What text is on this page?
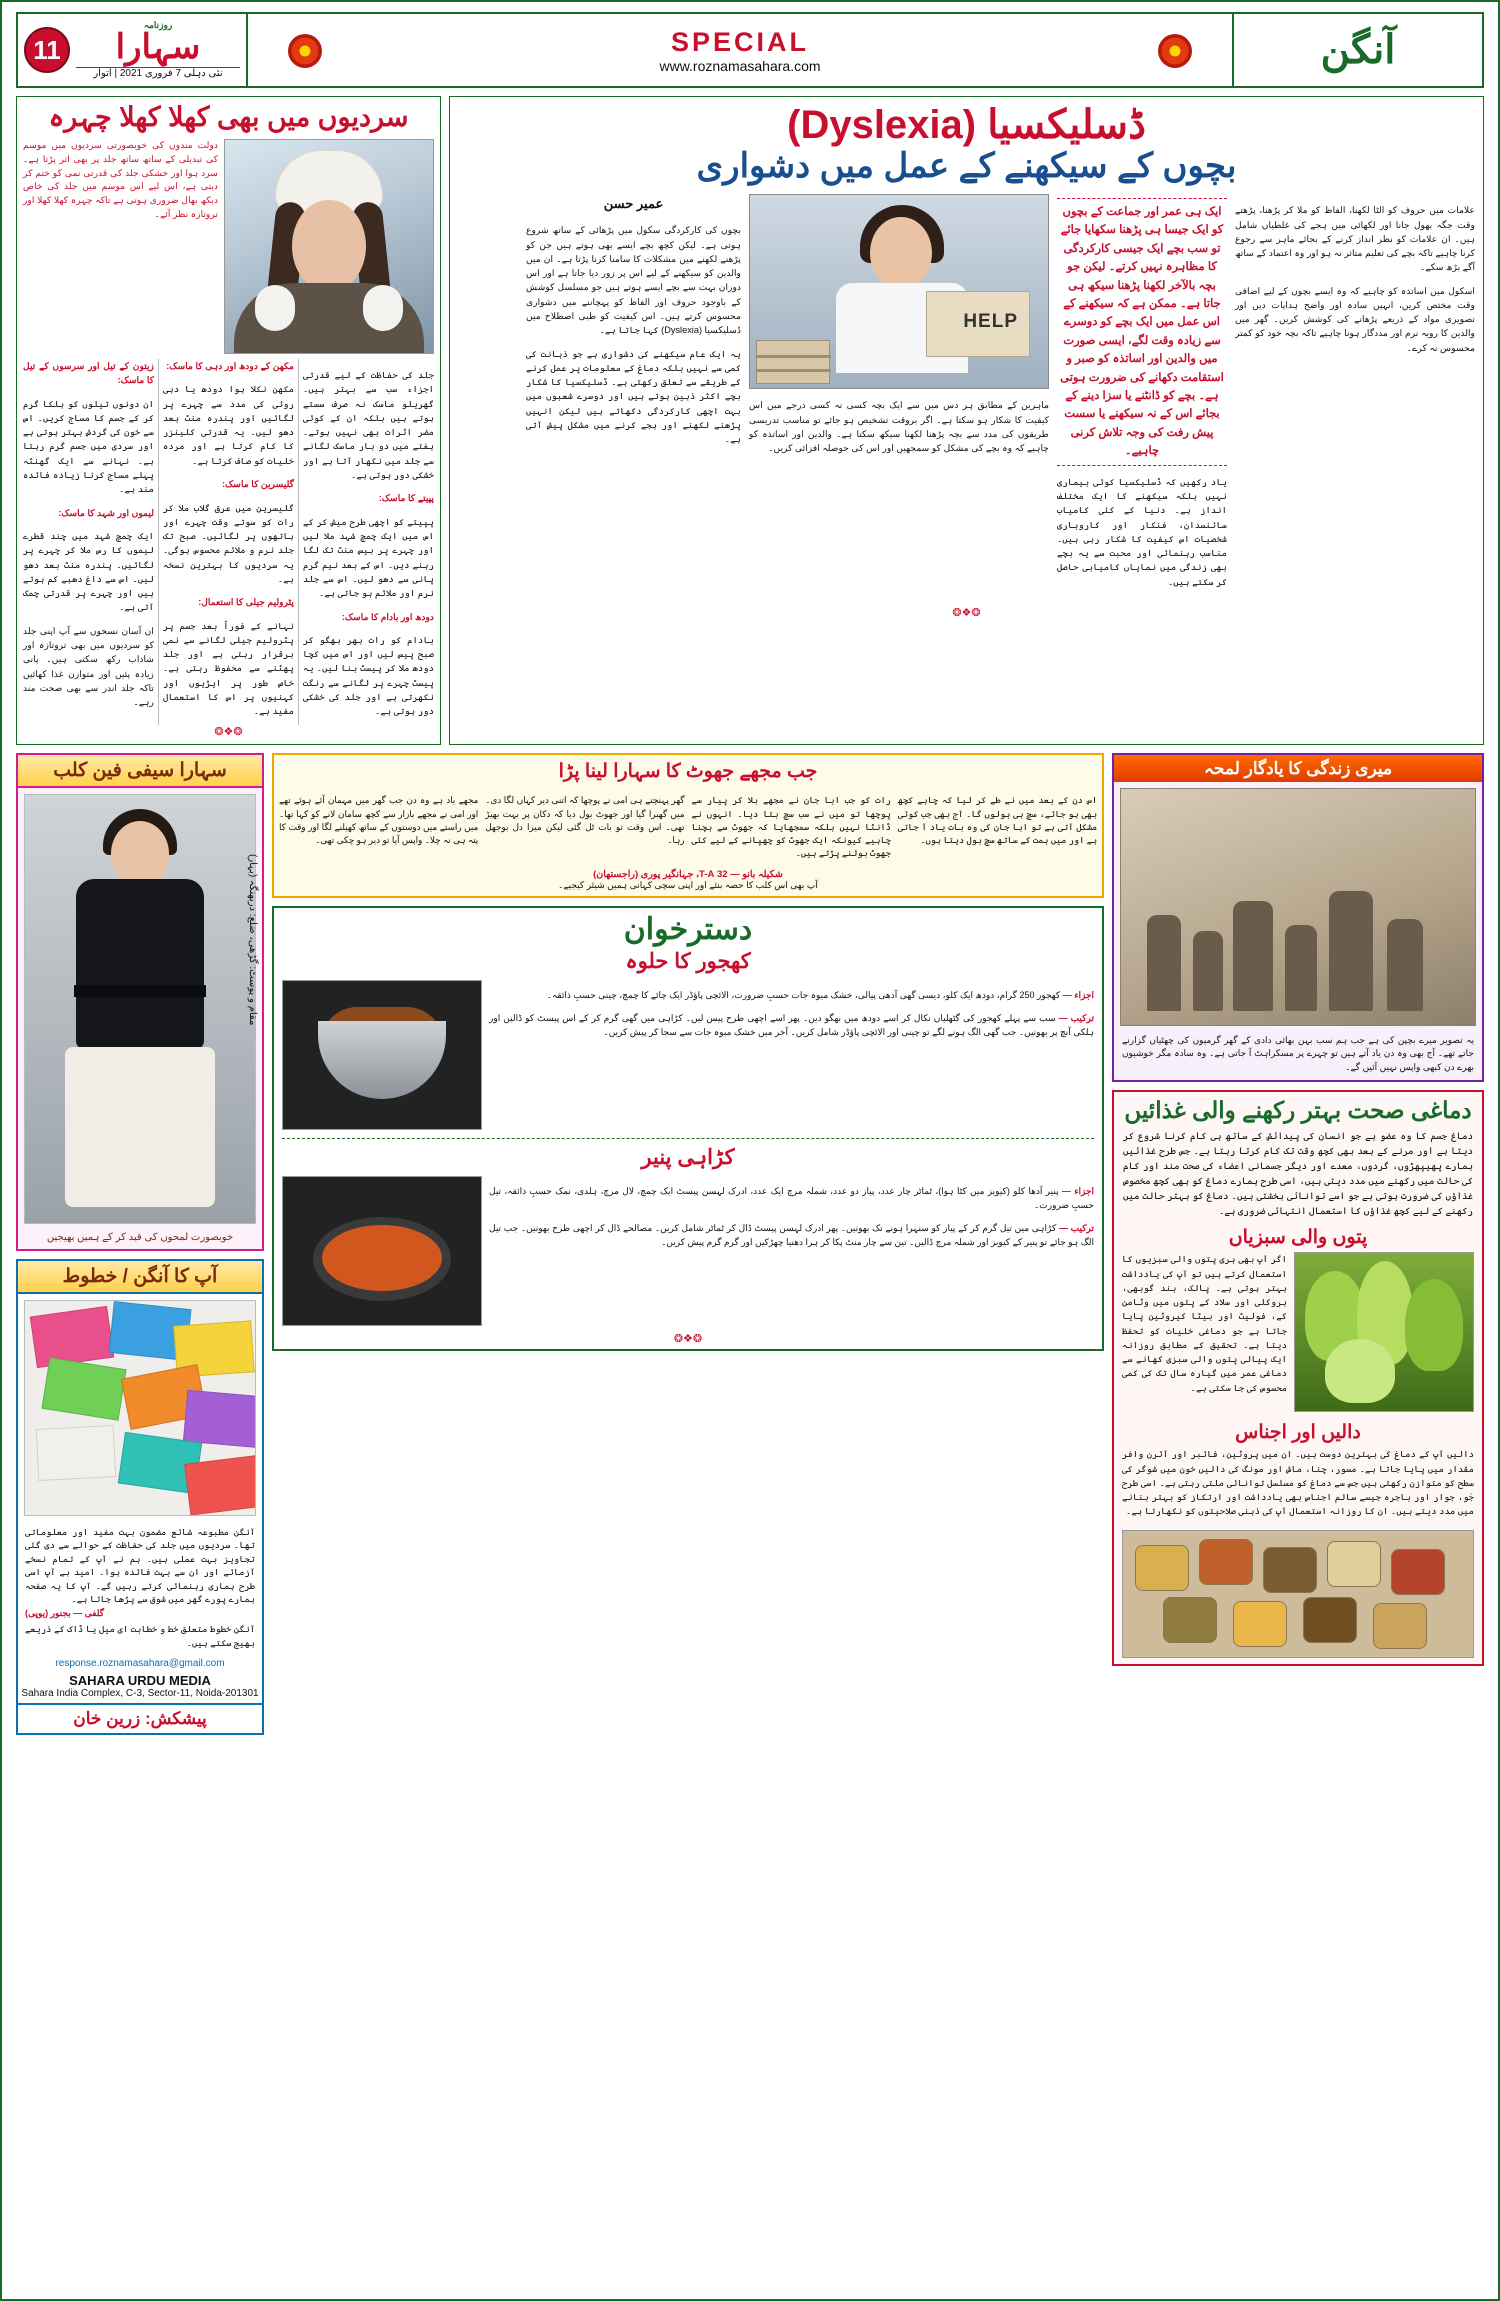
11
روزنامہ
سہارا
نئی دہلی 7 فروری 2021 | اتوار
SPECIAL
www.roznamasahara.com	آنگن
سردیوں میں بھی کھلا کھلا چہرہ
دولت مندوں کی خوبصورتی سردیوں میں موسم کی تبدیلی کے ساتھ ساتھ جلد پر بھی اثر پڑتا ہے۔ سرد ہوا اور خشکی جلد کی قدرتی نمی کو ختم کر دیتی ہے، اس لیے اس موسم میں جلد کی خاص دیکھ بھال ضروری ہوتی ہے تاکہ چہرہ کھلا کھلا اور تروتازہ نظر آئے۔

جلد کی حفاظت کے لیے قدرتی اجزاء سب سے بہتر ہیں۔ گھریلو ماسک نہ صرف سستے ہوتے ہیں بلکہ ان کے کوئی مضر اثرات بھی نہیں ہوتے۔ ہفتے میں دو بار ماسک لگانے سے جلد میں نکھار آتا ہے اور خشکی دور ہوتی ہے۔

پپیتے کا ماسک:

پپیتے کو اچھی طرح میش کر کے اس میں ایک چمچ شہد ملا لیں اور چہرے پر بیس منٹ تک لگا رہنے دیں۔ اس کے بعد نیم گرم پانی سے دھو لیں۔ اس سے جلد نرم اور ملائم ہو جاتی ہے۔

دودھ اور بادام کا ماسک:

بادام کو رات بھر بھگو کر صبح پیس لیں اور اس میں کچا دودھ ملا کر پیسٹ بنا لیں۔ یہ پیسٹ چہرے پر لگانے سے رنگت نکھرتی ہے اور جلد کی خشکی دور ہوتی ہے۔

مکھن کے دودھ اور دہی کا ماسک:

مکھن نکلا ہوا دودھ یا دہی روئی کی مدد سے چہرے پر لگائیں اور پندرہ منٹ بعد دھو لیں۔ یہ قدرتی کلینزر کا کام کرتا ہے اور مردہ خلیات کو صاف کرتا ہے۔

گلیسرین کا ماسک:

گلیسرین میں عرق گلاب ملا کر رات کو سوتے وقت چہرے اور ہاتھوں پر لگائیں۔ صبح تک جلد نرم و ملائم محسوس ہوگی۔ یہ سردیوں کا بہترین نسخہ ہے۔

پٹرولیم جیلی کا استعمال:

نہانے کے فوراً بعد جسم پر پٹرولیم جیلی لگانے سے نمی برقرار رہتی ہے اور جلد پھٹنے سے محفوظ رہتی ہے۔ خاص طور پر ایڑیوں اور کہنیوں پر اس کا استعمال مفید ہے۔

زیتون کے تیل اور سرسوں کے تیل کا ماسک:

ان دونوں تیلوں کو ہلکا گرم کر کے جسم کا مساج کریں۔ اس سے خون کی گردش بہتر ہوتی ہے اور سردی میں جسم گرم رہتا ہے۔ نہانے سے ایک گھنٹہ پہلے مساج کرنا زیادہ فائدہ مند ہے۔

لیموں اور شہد کا ماسک:

ایک چمچ شہد میں چند قطرے لیموں کا رس ملا کر چہرے پر لگائیں۔ پندرہ منٹ بعد دھو لیں۔ اس سے داغ دھبے کم ہوتے ہیں اور چہرے پر قدرتی چمک آتی ہے۔

ان آسان نسخوں سے آپ اپنی جلد کو سردیوں میں بھی تروتازہ اور شاداب رکھ سکتی ہیں۔ پانی زیادہ پئیں اور متوازن غذا کھائیں تاکہ جلد اندر سے بھی صحت مند رہے۔

❂❖❂
ڈسلیکسیا (Dyslexia)
بچوں کے سیکھنے کے عمل میں دشواری

علامات میں حروف کو الٹا لکھنا، الفاظ کو ملا کر پڑھنا، پڑھتے وقت جگہ بھول جانا اور لکھائی میں ہجے کی غلطیاں شامل ہیں۔ ان علامات کو نظر انداز کرنے کے بجائے ماہر سے رجوع کرنا چاہیے تاکہ بچے کی تعلیم متاثر نہ ہو اور وہ اعتماد کے ساتھ آگے بڑھ سکے۔

اسکول میں اساتذہ کو چاہیے کہ وہ ایسے بچوں کے لیے اضافی وقت مختص کریں، انہیں سادہ اور واضح ہدایات دیں اور تصویری مواد کے ذریعے پڑھانے کی کوشش کریں۔ گھر میں والدین کا رویہ نرم اور مددگار ہونا چاہیے تاکہ بچہ خود کو کمتر محسوس نہ کرے۔

ایک ہی عمر اور جماعت کے بچوں کو ایک جیسا ہی پڑھنا سکھایا جائے تو سب بچے ایک جیسی کارکردگی کا مظاہرہ نہیں کرتے۔ لیکن جو بچہ بالآخر لکھنا پڑھنا سیکھ ہی جاتا ہے۔ ممکن ہے کہ سیکھنے کے اس عمل میں ایک بچے کو دوسرے سے زیادہ وقت لگے، ایسی صورت میں والدین اور اساتذہ کو صبر و استقامت دکھانے کی ضرورت ہوتی ہے۔ بچے کو ڈانٹنے یا سزا دینے کے بجائے اس کے نہ سیکھنے یا سست پیش رفت کی وجہ تلاش کرنی چاہیے۔

یاد رکھیں کہ ڈسلیکسیا کوئی بیماری نہیں بلکہ سیکھنے کا ایک مختلف انداز ہے۔ دنیا کے کئی کامیاب سائنسدان، فنکار اور کاروباری شخصیات اس کیفیت کا شکار رہی ہیں۔ مناسب رہنمائی اور محبت سے یہ بچے بھی زندگی میں نمایاں کامیابی حاصل کر سکتے ہیں۔

HELP

ماہرین کے مطابق ہر دس میں سے ایک بچہ کسی نہ کسی درجے میں اس کیفیت کا شکار ہو سکتا ہے۔ اگر بروقت تشخیص ہو جائے تو مناسب تدریسی طریقوں کی مدد سے بچہ پڑھنا لکھنا سیکھ سکتا ہے۔ والدین اور اساتذہ کو چاہیے کہ وہ بچے کی مشکل کو سمجھیں اور اس کی حوصلہ افزائی کریں۔

عمیر حسن

بچوں کی کارکردگی سکول میں پڑھائی کے ساتھ شروع ہوتی ہے۔ لیکن کچھ بچے ایسے بھی ہوتے ہیں جن کو پڑھنے لکھنے میں مشکلات کا سامنا کرنا پڑتا ہے۔ ان میں والدین کو سیکھنے کے لیے اس پر زور دیا جاتا ہے اور اس دوران بہت سے بچے ایسے ہوتے ہیں جو مسلسل کوشش کے باوجود حروف اور الفاظ کو پہچاننے میں دشواری محسوس کرتے ہیں۔ اس کیفیت کو طبی اصطلاح میں ڈسلیکسیا (Dyslexia) کہا جاتا ہے۔

یہ ایک عام سیکھنے کی دشواری ہے جو ذہانت کی کمی سے نہیں بلکہ دماغ کے معلومات پر عمل کرنے کے طریقے سے تعلق رکھتی ہے۔ ڈسلیکسیا کا شکار بچے اکثر ذہین ہوتے ہیں اور دوسرے شعبوں میں بہت اچھی کارکردگی دکھاتے ہیں لیکن انہیں پڑھنے لکھنے اور ہجے کرنے میں مشکل پیش آتی ہے۔

❂❖❂
سہارا سیفی فین کلب
مقام و پوسٹ: گڑھی، ضلع: دربھنگہ (بہار)
خوبصورت لمحوں کی قید کر کے ہمیں بھیجیں
آپ کا آنگن / خطوط
آنگن مطبوعہ شائع مضمون بہت مفید اور معلوماتی تھا۔ سردیوں میں جلد کی حفاظت کے حوالے سے دی گئی تجاویز بہت عملی ہیں۔ ہم نے آپ کے تمام نسخے آزمائے اور ان سے بہت فائدہ ہوا۔ امید ہے آپ اسی طرح ہماری رہنمائی کرتے رہیں گے۔ آپ کا یہ صفحہ ہمارے پورے گھر میں شوق سے پڑھا جاتا ہے۔
گلفی — بجنور (یوپی)
آنگن خطوط متعلق خط و خطابت ای میل یا ڈاک کے ذریعے بھیج سکتے ہیں۔
response.roznamasahara@gmail.com
SAHARA URDU MEDIA
Sahara India Complex, C-3, Sector-11, Noida-201301
پیشکش: زرین خان
جب مجھے جھوٹ کا سہارا لینا پڑا

اس دن کے بعد میں نے طے کر لیا کہ چاہے کچھ بھی ہو جائے، سچ ہی بولوں گا۔ آج بھی جب کوئی مشکل آتی ہے تو ابا جان کی وہ بات یاد آ جاتی ہے اور میں ہمت کے ساتھ سچ بول دیتا ہوں۔

رات کو جب ابا جان نے مجھے بلا کر پیار سے پوچھا تو میں نے سب سچ بتا دیا۔ انہوں نے ڈانٹا نہیں بلکہ سمجھایا کہ جھوٹ سے بچنا چاہیے کیونکہ ایک جھوٹ کو چھپانے کے لیے کئی جھوٹ بولنے پڑتے ہیں۔

گھر پہنچتے ہی امی نے پوچھا کہ اتنی دیر کہاں لگا دی۔ میں گھبرا گیا اور جھوٹ بول دیا کہ دکان پر بہت بھیڑ تھی۔ اس وقت تو بات ٹل گئی لیکن میرا دل بوجھل رہا۔

مجھے یاد ہے وہ دن جب گھر میں مہمان آئے ہوئے تھے اور امی نے مجھے بازار سے کچھ سامان لانے کو کہا تھا۔ میں راستے میں دوستوں کے ساتھ کھیلنے لگا اور وقت کا پتہ ہی نہ چلا۔ واپس آیا تو دیر ہو چکی تھی۔

شکیلہ بانو — 32 T-A، جہانگیر پوری (راجستھان)
آپ بھی اس کلب کا حصہ بنئے اور اپنی سچی کہانی ہمیں شیئر کیجیے۔
دسترخوان
کھجور کا حلوہ

اجزاء — کھجور 250 گرام، دودھ ایک کلو، دیسی گھی آدھی پیالی، خشک میوہ جات حسبِ ضرورت، الائچی پاؤڈر ایک چائے کا چمچ، چینی حسبِ ذائقہ۔

ترکیب — سب سے پہلے کھجور کی گٹھلیاں نکال کر اسے دودھ میں بھگو دیں۔ پھر اسے اچھی طرح پیس لیں۔ کڑاہی میں گھی گرم کر کے اس پیسٹ کو ڈالیں اور ہلکی آنچ پر بھونیں۔ جب گھی الگ ہونے لگے تو چینی اور الائچی پاؤڈر شامل کریں۔ آخر میں خشک میوہ جات سے سجا کر پیش کریں۔

کڑاہی پنیر

اجزاء — پنیر آدھا کلو (کیوبز میں کٹا ہوا)، ٹماٹر چار عدد، پیاز دو عدد، شملہ مرچ ایک عدد، ادرک لہسن پیسٹ ایک چمچ، لال مرچ، ہلدی، نمک حسبِ ذائقہ، تیل حسبِ ضرورت۔

ترکیب — کڑاہی میں تیل گرم کر کے پیاز کو سنہرا ہونے تک بھونیں۔ پھر ادرک لہسن پیسٹ ڈال کر ٹماٹر شامل کریں۔ مصالحے ڈال کر اچھی طرح بھونیں۔ جب تیل الگ ہو جائے تو پنیر کے کیوبز اور شملہ مرچ ڈالیں۔ تین سے چار منٹ پکا کر ہرا دھنیا چھڑکیں اور گرم گرم پیش کریں۔

❂❖❂
میری زندگی کا یادگار لمحہ
یہ تصویر میرے بچپن کی ہے جب ہم سب بہن بھائی دادی کے گھر گرمیوں کی چھٹیاں گزارنے جاتے تھے۔ آج بھی وہ دن یاد آتے ہیں تو چہرے پر مسکراہٹ آ جاتی ہے۔ وہ سادہ مگر خوشیوں بھرے دن کبھی واپس نہیں آئیں گے۔
دماغی صحت بہتر رکھنے والی غذائیں
دماغ جسم کا وہ عضو ہے جو انسان کی پیدائش کے ساتھ ہی کام کرنا شروع کر دیتا ہے اور مرنے کے بعد بھی کچھ وقت تک کام کرتا رہتا ہے۔ جس طرح غذائیں ہمارے پھیپھڑوں، گردوں، معدے اور دیگر جسمانی اعضاء کی صحت مند اور کام کی حالت میں رکھنے میں مدد دیتی ہیں، اسی طرح ہمارے دماغ کو بھی کچھ مخصوص غذاؤں کی ضرورت ہوتی ہے جو اسے توانائی بخشتی ہیں۔ دماغ کو بہتر حالت میں رکھنے کے لیے کچھ غذاؤں کا استعمال انتہائی ضروری ہے۔
پتوں والی سبزیاں
اگر آپ بھی ہری پتوں والی سبزیوں کا استعمال کرتے ہیں تو آپ کی یادداشت بہتر ہوتی ہے۔ پالک، بند گوبھی، بروکلی اور سلاد کے پتوں میں وٹامن کے، فولیٹ اور بیٹا کیروٹین پایا جاتا ہے جو دماغی خلیات کو تحفظ دیتا ہے۔ تحقیق کے مطابق روزانہ ایک پیالی پتوں والی سبزی کھانے سے دماغی عمر میں گیارہ سال تک کی کمی محسوس کی جا سکتی ہے۔
دالیں اور اجناس
دالیں آپ کے دماغ کی بہترین دوست ہیں۔ ان میں پروٹین، فائبر اور آئرن وافر مقدار میں پایا جاتا ہے۔ مسور، چنا، ماش اور مونگ کی دالیں خون میں شوگر کی سطح کو متوازن رکھتی ہیں جس سے دماغ کو مسلسل توانائی ملتی رہتی ہے۔ اسی طرح جَو، جوار اور باجرہ جیسے سالم اجناس بھی یادداشت اور ارتکاز کو بہتر بنانے میں مدد دیتے ہیں۔ ان کا روزانہ استعمال آپ کی ذہنی صلاحیتوں کو نکھارتا ہے۔
